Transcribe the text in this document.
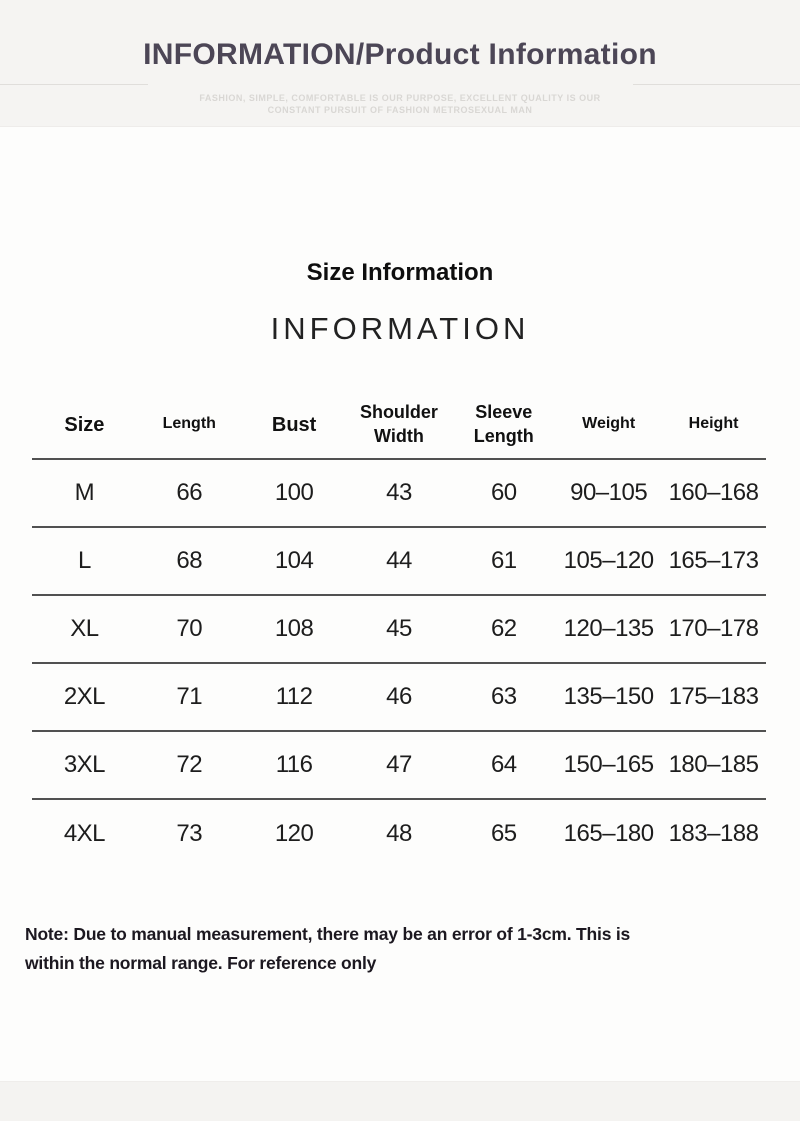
INFORMATION/Product Information
FASHION, SIMPLE, COMFORTABLE IS OUR PURPOSE, EXCELLENT QUALITY IS OUR
CONSTANT PURSUIT OF FASHION METROSEXUAL MAN
Size Information
INFORMATION
Size	Length	Bust	Shoulder Width	Sleeve Length	Weight	Height
M	66	100	43	60	90–105	160–168
L	68	104	44	61	105–120	165–173
XL	70	108	45	62	120–135	170–178
2XL	71	112	46	63	135–150	175–183
3XL	72	116	47	64	150–165	180–185
4XL	73	120	48	65	165–180	183–188
Note: Due to manual measurement, there may be an error of 1-3cm. This is
within the normal range. For reference only
